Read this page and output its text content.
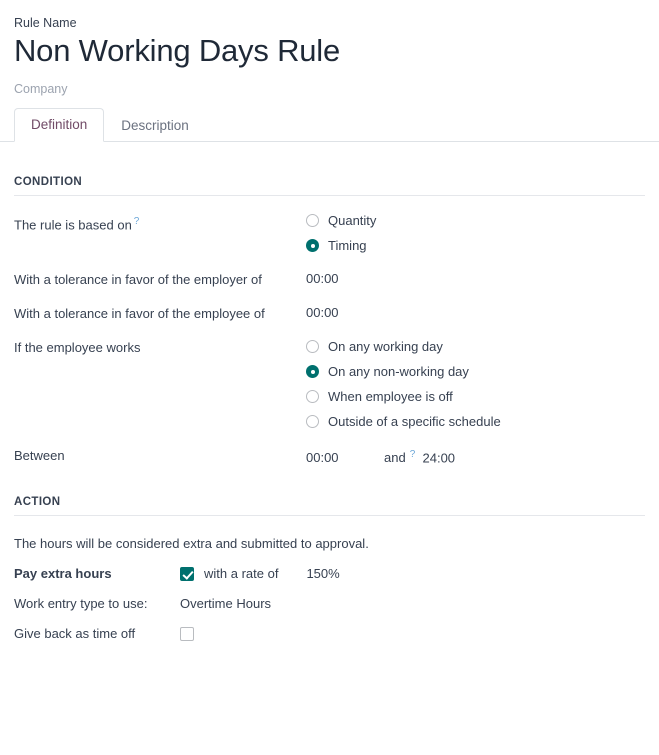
Rule Name
Non Working Days Rule
Company
Definition	Description
CONDITION
The rule is based on ?	Quantity
Timing
With a tolerance in favor of the employer of	00:00
With a tolerance in favor of the employee of	00:00
If the employee works	On any working day
On any non-working day
When employee is off
Outside of a specific schedule
Between	00:00	and ? 24:00
ACTION
The hours will be considered extra and submitted to approval.
Pay extra hours	with a rate of 150%
Work entry type to use:	Overtime Hours
Give back as time off
